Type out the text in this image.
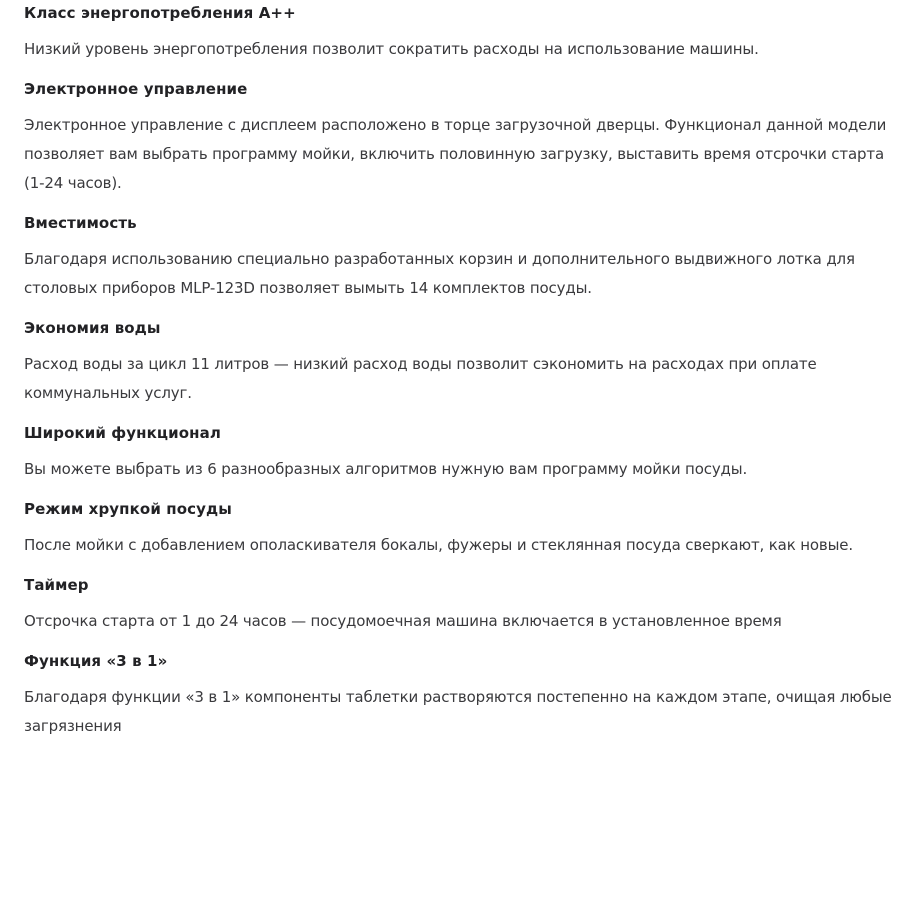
Класс энергопотребления А++

Низкий уровень энергопотребления позволит сократить расходы на использование машины.

Электронное управление

Электронное управление с дисплеем расположено в торце загрузочной дверцы. Функционал данной модели позволяет вам выбрать программу мойки, включить половинную загрузку, выставить время отсрочки старта (1-24 часов).

Вместимость

Благодаря использованию специально разработанных корзин и дополнительного выдвижного лотка для столовых приборов MLP-123D позволяет вымыть 14 комплектов посуды.

Экономия воды

Расход воды за цикл 11 литров — низкий расход воды позволит сэкономить на расходах при оплате коммунальных услуг.

Широкий функционал

Вы можете выбрать из 6 разнообразных алгоритмов нужную вам программу мойки посуды.

Режим хрупкой посуды

После мойки с добавлением ополаскивателя бокалы, фужеры и стеклянная посуда сверкают, как новые.

Таймер

Отсрочка старта от 1 до 24 часов — посудомоечная машина включается в установленное время

Функция «3 в 1»

Благодаря функции «3 в 1» компоненты таблетки растворяются постепенно на каждом этапе, очищая любые загрязнения
